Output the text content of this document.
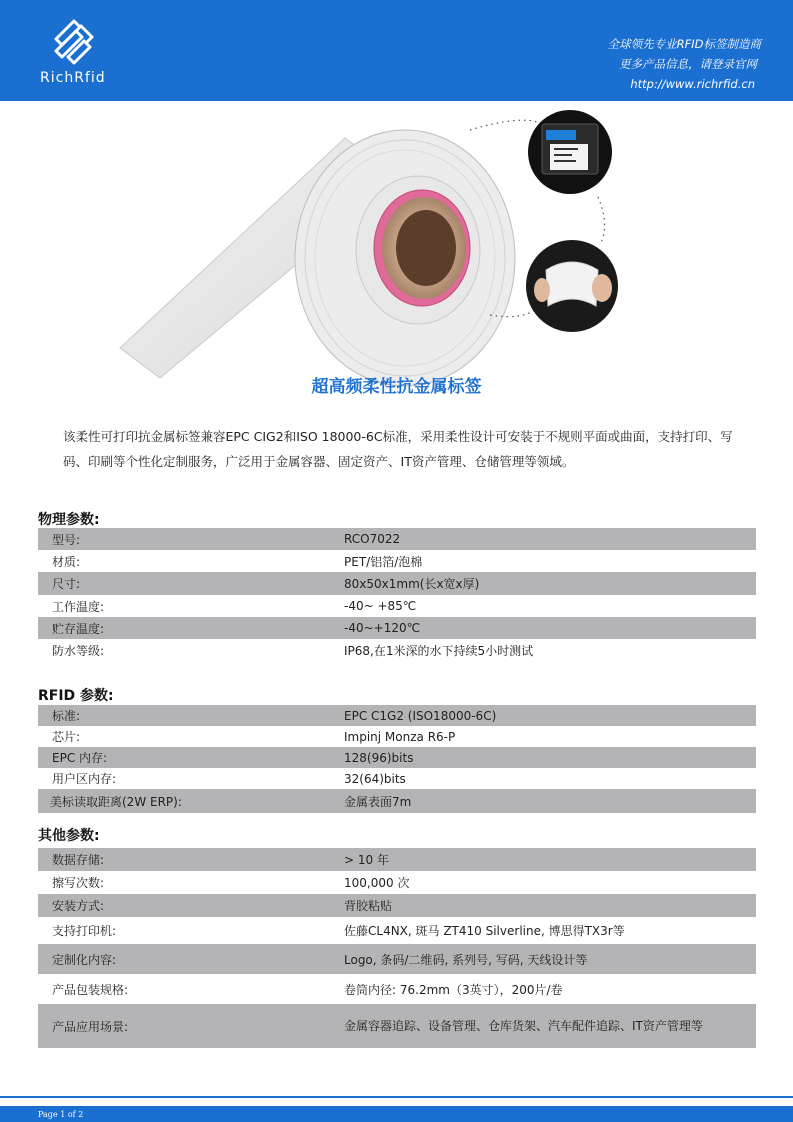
RichRfid
全球领先专业RFID标签制造商
更多产品信息，请登录官网
http://www.richrfid.cn
超高频柔性抗金属标签
该柔性可打印抗金属标签兼容EPC CIG2和ISO 18000-6C标准，采用柔性设计可安装于不规则平面或曲面，支持打印、写码、印刷等个性化定制服务，广泛用于金属容器、固定资产、IT资产管理、仓储管理等领域。
物理参数:
型号:	RCO7022
材质:	PET/铝箔/泡棉
尺寸:	80x50x1mm(长x宽x厚)
工作温度:	-40~ +85℃
贮存温度:	-40~+120℃
防水等级:	IP68,在1米深的水下持续5小时测试
RFID 参数:
标准:	EPC C1G2 (ISO18000-6C)
芯片:	Impinj Monza R6-P
EPC 内存:	128(96)bits
用户区内存:	32(64)bits
美标读取距离(2W ERP):	金属表面7m
其他参数:
数据存储:	> 10 年
擦写次数:	100,000 次
安装方式:	背胶粘贴
支持打印机:	佐藤CL4NX, 斑马 ZT410 Silverline, 博思得TX3r等
定制化内容:	Logo, 条码/二维码, 系列号, 写码, 天线设计等
产品包装规格:	卷筒内径: 76.2mm（3英寸），200片/卷
产品应用场景:	金属容器追踪、设备管理、仓库货架、汽车配件追踪、IT资产管理等
Page 1 of 2
